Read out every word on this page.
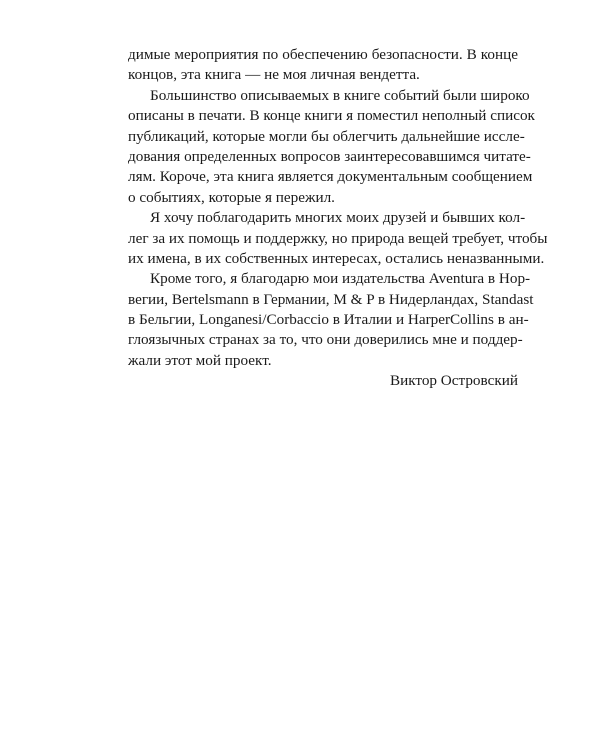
димые мероприятия по обеспечению безопасности. В конце
концов, эта книга — не моя личная вендетта.
Большинство описываемых в книге событий были широко
описаны в печати. В конце книги я поместил неполный список
публикаций, которые могли бы облегчить дальнейшие иссле-
дования определенных вопросов заинтересовавшимся читате-
лям. Короче, эта книга является документальным сообщением
о событиях, которые я пережил.
Я хочу поблагодарить многих моих друзей и бывших кол-
лег за их помощь и поддержку, но природа вещей требует, чтобы
их имена, в их собственных интересах, остались неназванными.
Кроме того, я благодарю мои издательства Aventura в Нор-
вегии, Bertelsmann в Германии, M & P в Нидерландах, Standast
в Бельгии, Longanesi/Corbaccio в Италии и HarperCollins в ан-
глоязычных странах за то, что они доверились мне и поддер-
жали этот мой проект.
Виктор Островский
